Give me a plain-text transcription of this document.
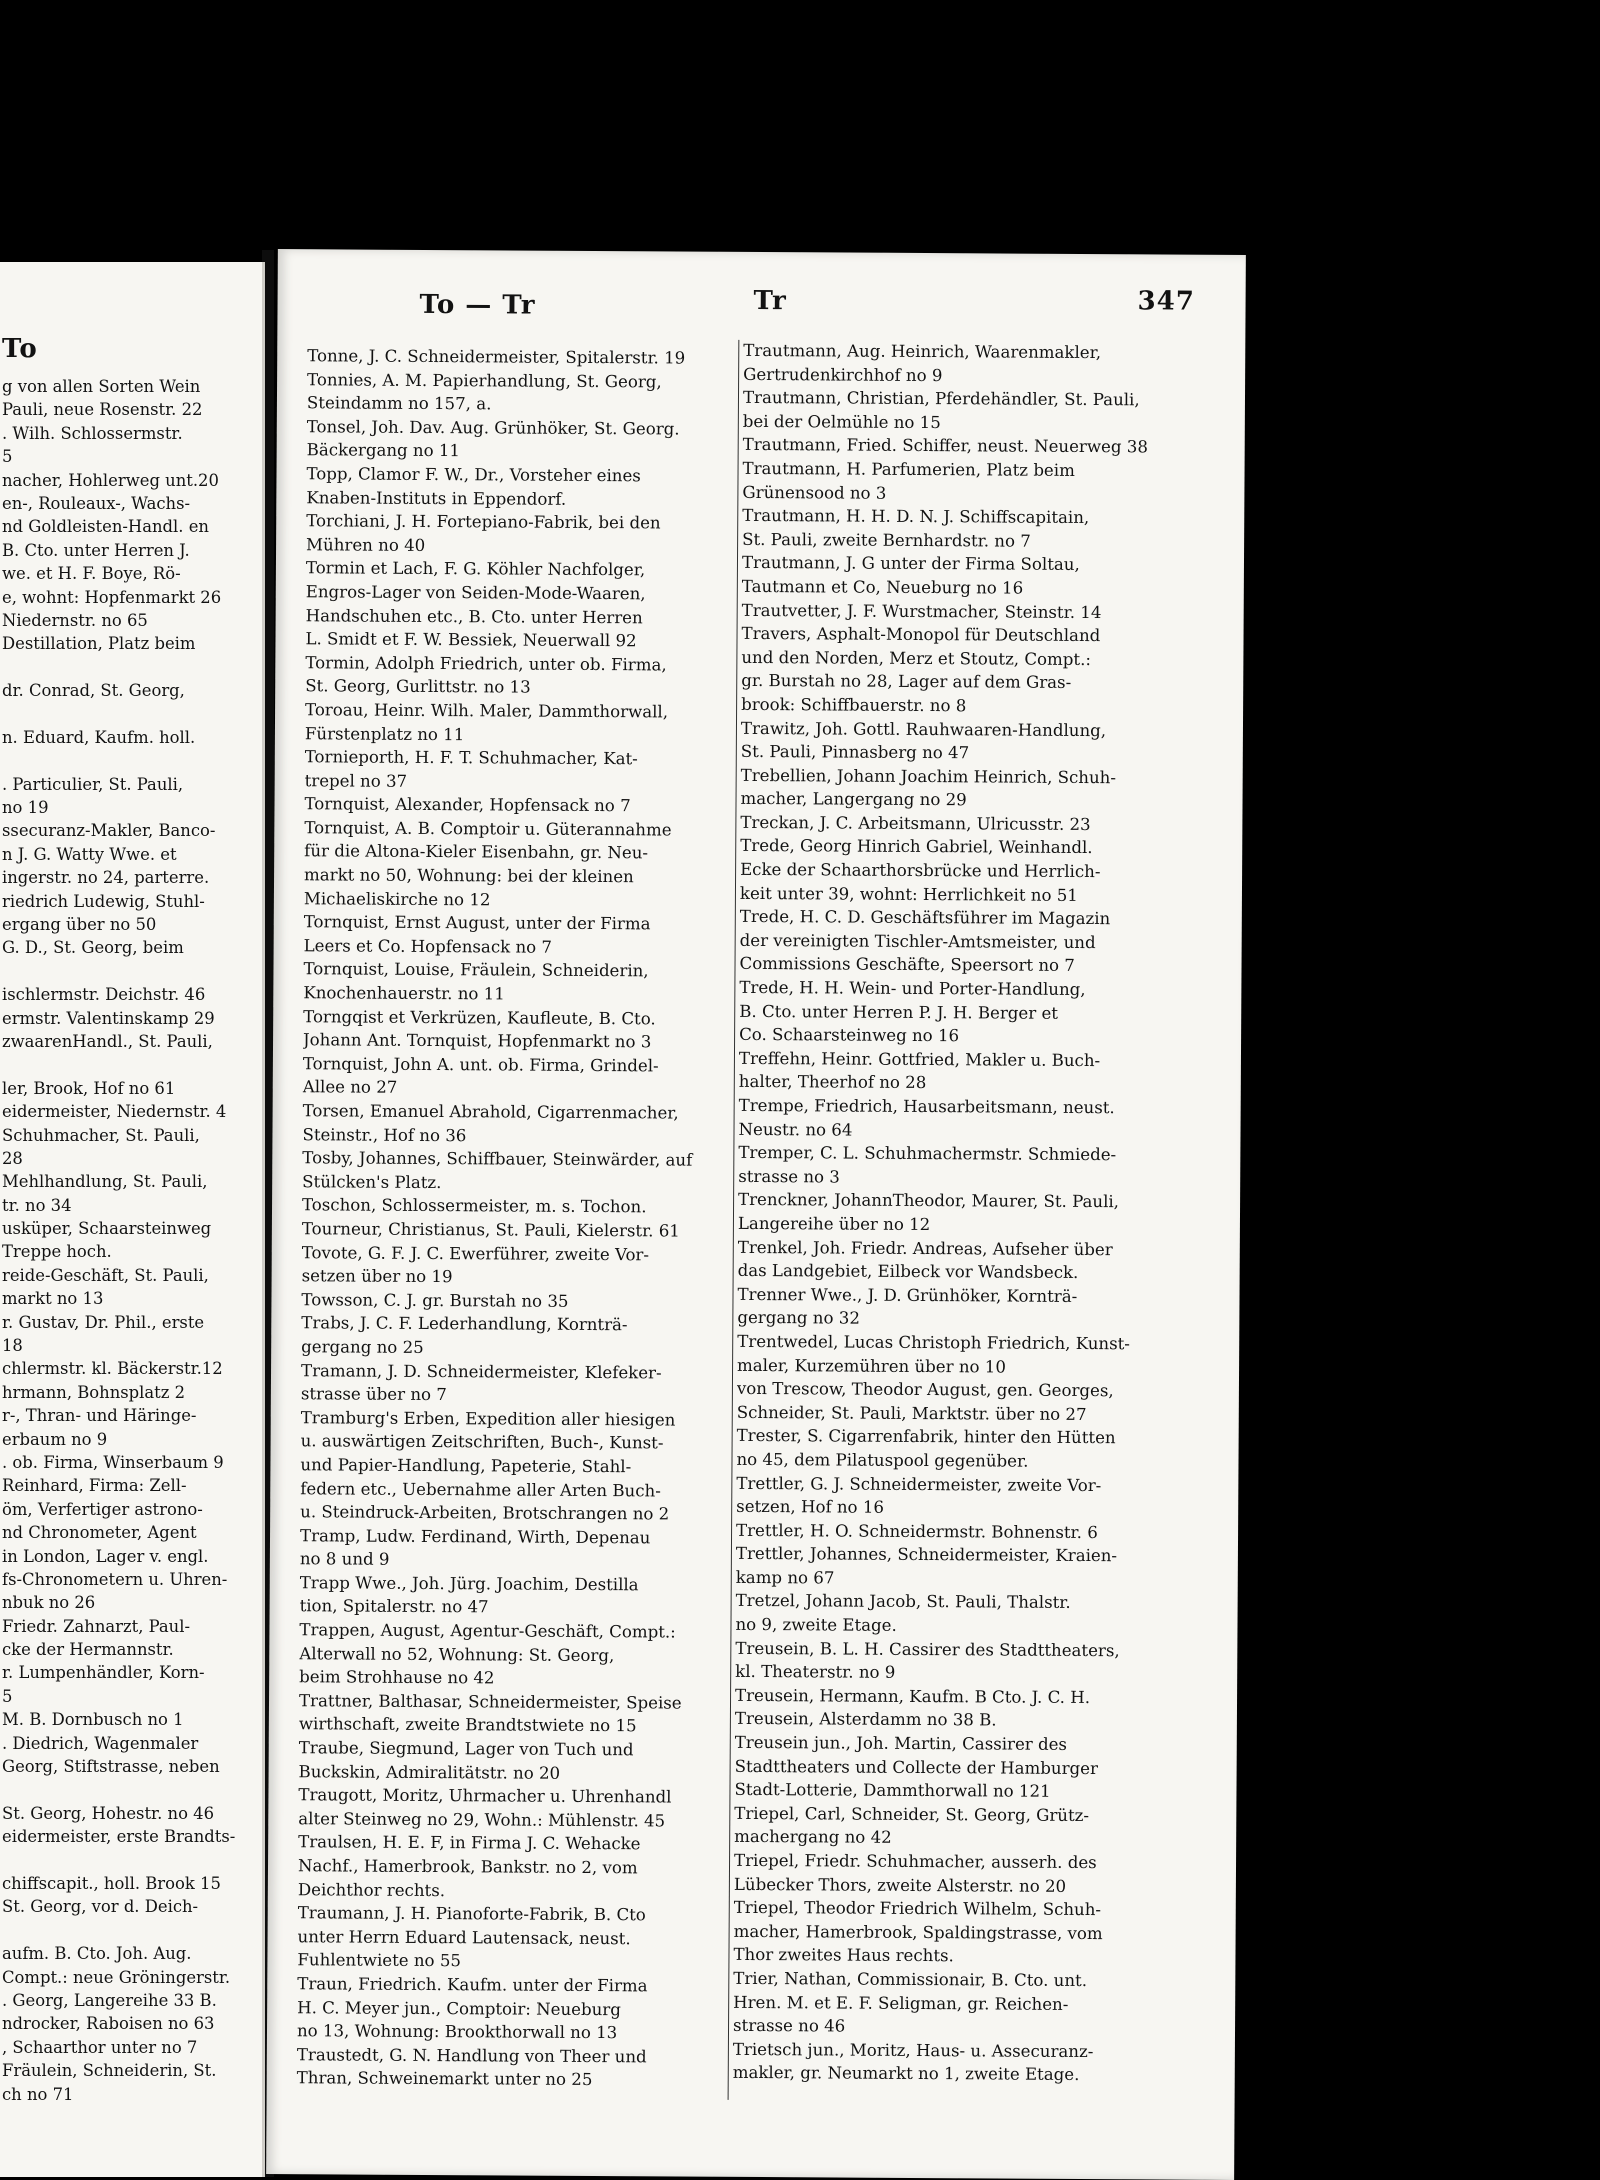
To
g von allen Sorten Wein
Pauli, neue Rosenstr. 22
. Wilh. Schlossermstr.
5
nacher, Hohlerweg unt.20
en-, Rouleaux-, Wachs-
nd Goldleisten-Handl. en
B. Cto. unter Herren J.
we. et H. F. Boye, Rö-
e, wohnt: Hopfenmarkt 26
Niedernstr. no 65
Destillation, Platz beim
dr. Conrad, St. Georg,
n. Eduard, Kaufm. holl.
. Particulier, St. Pauli,
no 19
ssecuranz-Makler, Banco-
n J. G. Watty Wwe. et
ingerstr. no 24, parterre.
riedrich Ludewig, Stuhl-
ergang über no 50
G. D., St. Georg, beim
ischlermstr. Deichstr. 46
ermstr. Valentinskamp 29
zwaarenHandl., St. Pauli,
ler, Brook, Hof no 61
eidermeister, Niedernstr. 4
Schuhmacher, St. Pauli,
28
Mehlhandlung, St. Pauli,
tr. no 34
usküper, Schaarsteinweg
Treppe hoch.
reide-Geschäft, St. Pauli,
markt no 13
r. Gustav, Dr. Phil., erste
18
chlermstr. kl. Bäckerstr.12
hrmann, Bohnsplatz 2
r-, Thran- und Häringe-
erbaum no 9
. ob. Firma, Winserbaum 9
Reinhard, Firma: Zell-
öm, Verfertiger astrono-
nd Chronometer, Agent
in London, Lager v. engl.
fs-Chronometern u. Uhren-
nbuk no 26
Friedr. Zahnarzt, Paul-
cke der Hermannstr.
r. Lumpenhändler, Korn-
5
M. B. Dornbusch no 1
. Diedrich, Wagenmaler
Georg, Stiftstrasse, neben
St. Georg, Hohestr. no 46
eidermeister, erste Brandts-
chiffscapit., holl. Brook 15
St. Georg, vor d. Deich-
aufm. B. Cto. Joh. Aug.
Compt.: neue Gröningerstr.
. Georg, Langereihe 33 B.
ndrocker, Raboisen no 63
, Schaarthor unter no 7
Fräulein, Schneiderin, St.
ch no 71
To — Tr	Tr	347
Tonne, J. C. Schneidermeister, Spitalerstr. 19
Tonnies, A. M. Papierhandlung, St. Georg,
Steindamm no 157, a.
Tonsel, Joh. Dav. Aug. Grünhöker, St. Georg.
Bäckergang no 11
Topp, Clamor F. W., Dr., Vorsteher eines
Knaben-Instituts in Eppendorf.
Torchiani, J. H. Fortepiano-Fabrik, bei den
Mühren no 40
Tormin et Lach, F. G. Köhler Nachfolger,
Engros-Lager von Seiden-Mode-Waaren,
Handschuhen etc., B. Cto. unter Herren
L. Smidt et F. W. Bessiek, Neuerwall 92
Tormin, Adolph Friedrich, unter ob. Firma,
St. Georg, Gurlittstr. no 13
Toroau, Heinr. Wilh. Maler, Dammthorwall,
Fürstenplatz no 11
Tornieporth, H. F. T. Schuhmacher, Kat-
trepel no 37
Tornquist, Alexander, Hopfensack no 7
Tornquist, A. B. Comptoir u. Güterannahme
für die Altona-Kieler Eisenbahn, gr. Neu-
markt no 50, Wohnung: bei der kleinen
Michaeliskirche no 12
Tornquist, Ernst August, unter der Firma
Leers et Co. Hopfensack no 7
Tornquist, Louise, Fräulein, Schneiderin,
Knochenhauerstr. no 11
Torngqist et Verkrüzen, Kaufleute, B. Cto.
Johann Ant. Tornquist, Hopfenmarkt no 3
Tornquist, John A. unt. ob. Firma, Grindel-
Allee no 27
Torsen, Emanuel Abrahold, Cigarrenmacher,
Steinstr., Hof no 36
Tosby, Johannes, Schiffbauer, Steinwärder, auf
Stülcken's Platz.
Toschon, Schlossermeister, m. s. Tochon.
Tourneur, Christianus, St. Pauli, Kielerstr. 61
Tovote, G. F. J. C. Ewerführer, zweite Vor-
setzen über no 19
Towsson, C. J. gr. Burstah no 35
Trabs, J. C. F. Lederhandlung, Kornträ-
gergang no 25
Tramann, J. D. Schneidermeister, Klefeker-
strasse über no 7
Tramburg's Erben, Expedition aller hiesigen
u. auswärtigen Zeitschriften, Buch-, Kunst-
und Papier-Handlung, Papeterie, Stahl-
federn etc., Uebernahme aller Arten Buch-
u. Steindruck-Arbeiten, Brotschrangen no 2
Tramp, Ludw. Ferdinand, Wirth, Depenau
no 8 und 9
Trapp Wwe., Joh. Jürg. Joachim, Destilla
tion, Spitalerstr. no 47
Trappen, August, Agentur-Geschäft, Compt.:
Alterwall no 52, Wohnung: St. Georg,
beim Strohhause no 42
Trattner, Balthasar, Schneidermeister, Speise
wirthschaft, zweite Brandtstwiete no 15
Traube, Siegmund, Lager von Tuch und
Buckskin, Admiralitätstr. no 20
Traugott, Moritz, Uhrmacher u. Uhrenhandl
alter Steinweg no 29, Wohn.: Mühlenstr. 45
Traulsen, H. E. F, in Firma J. C. Wehacke
Nachf., Hamerbrook, Bankstr. no 2, vom
Deichthor rechts.
Traumann, J. H. Pianoforte-Fabrik, B. Cto
unter Herrn Eduard Lautensack, neust.
Fuhlentwiete no 55
Traun, Friedrich. Kaufm. unter der Firma
H. C. Meyer jun., Comptoir: Neueburg
no 13, Wohnung: Brookthorwall no 13
Traustedt, G. N. Handlung von Theer und
Thran, Schweinemarkt unter no 25
Trautmann, Aug. Heinrich, Waarenmakler,
Gertrudenkirchhof no 9
Trautmann, Christian, Pferdehändler, St. Pauli,
bei der Oelmühle no 15
Trautmann, Fried. Schiffer, neust. Neuerweg 38
Trautmann, H. Parfumerien, Platz beim
Grünensood no 3
Trautmann, H. H. D. N. J. Schiffscapitain,
St. Pauli, zweite Bernhardstr. no 7
Trautmann, J. G unter der Firma Soltau,
Tautmann et Co, Neueburg no 16
Trautvetter, J. F. Wurstmacher, Steinstr. 14
Travers, Asphalt-Monopol für Deutschland
und den Norden, Merz et Stoutz, Compt.:
gr. Burstah no 28, Lager auf dem Gras-
brook: Schiffbauerstr. no 8
Trawitz, Joh. Gottl. Rauhwaaren-Handlung,
St. Pauli, Pinnasberg no 47
Trebellien, Johann Joachim Heinrich, Schuh-
macher, Langergang no 29
Treckan, J. C. Arbeitsmann, Ulricusstr. 23
Trede, Georg Hinrich Gabriel, Weinhandl.
Ecke der Schaarthorsbrücke und Herrlich-
keit unter 39, wohnt: Herrlichkeit no 51
Trede, H. C. D. Geschäftsführer im Magazin
der vereinigten Tischler-Amtsmeister, und
Commissions Geschäfte, Speersort no 7
Trede, H. H. Wein- und Porter-Handlung,
B. Cto. unter Herren P. J. H. Berger et
Co. Schaarsteinweg no 16
Treffehn, Heinr. Gottfried, Makler u. Buch-
halter, Theerhof no 28
Trempe, Friedrich, Hausarbeitsmann, neust.
Neustr. no 64
Tremper, C. L. Schuhmachermstr. Schmiede-
strasse no 3
Trenckner, JohannTheodor, Maurer, St. Pauli,
Langereihe über no 12
Trenkel, Joh. Friedr. Andreas, Aufseher über
das Landgebiet, Eilbeck vor Wandsbeck.
Trenner Wwe., J. D. Grünhöker, Kornträ-
gergang no 32
Trentwedel, Lucas Christoph Friedrich, Kunst-
maler, Kurzemühren über no 10
von Trescow, Theodor August, gen. Georges,
Schneider, St. Pauli, Marktstr. über no 27
Trester, S. Cigarrenfabrik, hinter den Hütten
no 45, dem Pilatuspool gegenüber.
Trettler, G. J. Schneidermeister, zweite Vor-
setzen, Hof no 16
Trettler, H. O. Schneidermstr. Bohnenstr. 6
Trettler, Johannes, Schneidermeister, Kraien-
kamp no 67
Tretzel, Johann Jacob, St. Pauli, Thalstr.
no 9, zweite Etage.
Treusein, B. L. H. Cassirer des Stadttheaters,
kl. Theaterstr. no 9
Treusein, Hermann, Kaufm. B Cto. J. C. H.
Treusein, Alsterdamm no 38 B.
Treusein jun., Joh. Martin, Cassirer des
Stadttheaters und Collecte der Hamburger
Stadt-Lotterie, Dammthorwall no 121
Triepel, Carl, Schneider, St. Georg, Grütz-
machergang no 42
Triepel, Friedr. Schuhmacher, ausserh. des
Lübecker Thors, zweite Alsterstr. no 20
Triepel, Theodor Friedrich Wilhelm, Schuh-
macher, Hamerbrook, Spaldingstrasse, vom
Thor zweites Haus rechts.
Trier, Nathan, Commissionair, B. Cto. unt.
Hren. M. et E. F. Seligman, gr. Reichen-
strasse no 46
Trietsch jun., Moritz, Haus- u. Assecuranz-
makler, gr. Neumarkt no 1, zweite Etage.
